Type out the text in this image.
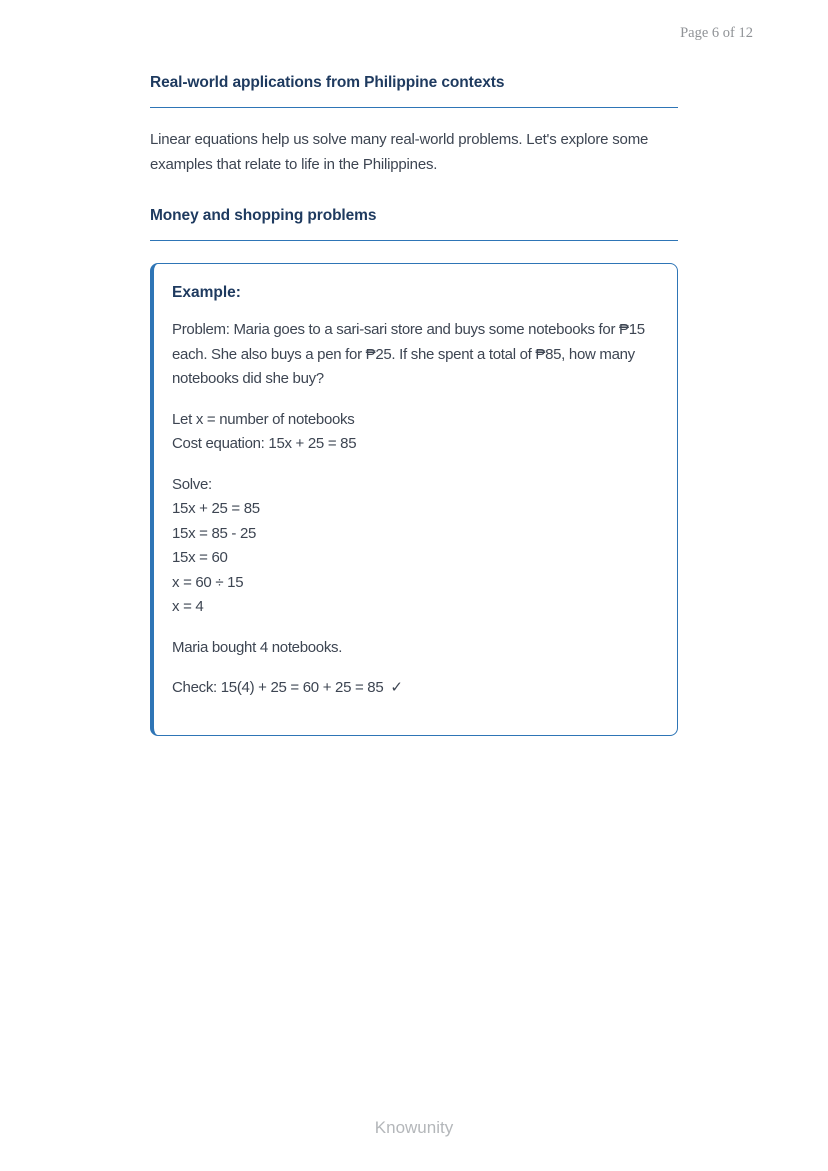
Page 6 of 12
Real-world applications from Philippine contexts

Linear equations help us solve many real-world problems. Let's explore some examples that relate to life in the Philippines.

Money and shopping problems
Example:

Problem: Maria goes to a sari-sari store and buys some notebooks for ₱15 each. She also buys a pen for ₱25. If she spent a total of ₱85, how many notebooks did she buy?

Let x = number of notebooks
Cost equation: 15x + 25 = 85
Solve:
15x + 25 = 85
15x = 85 - 25
15x = 60
x = 60 ÷ 15
x = 4

Maria bought 4 notebooks.

Check: 15(4) + 25 = 60 + 25 = 85 ✓

Knowunity
